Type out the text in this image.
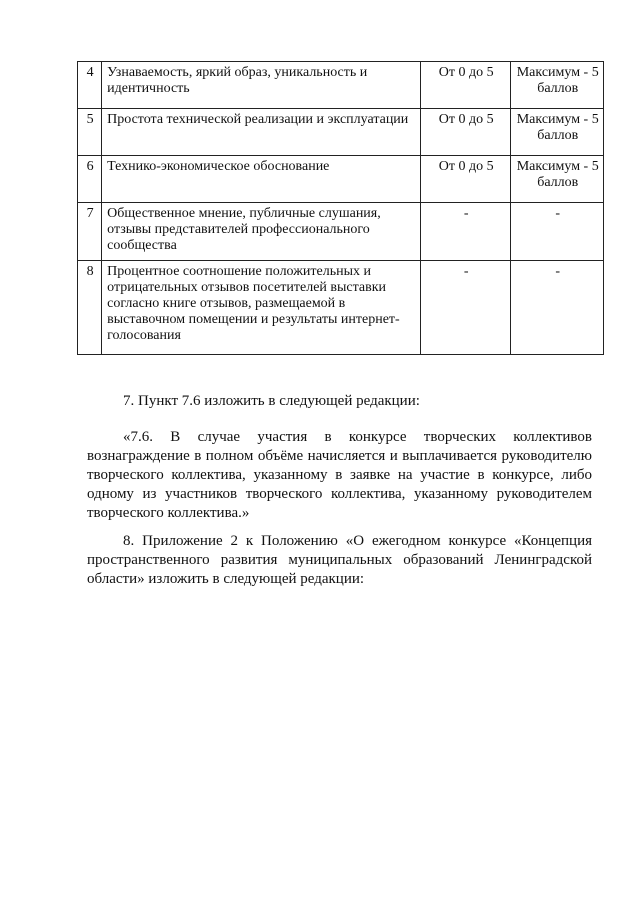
4	Узнаваемость, яркий образ, уникальность и идентичность	От 0 до 5	Максимум - 5 баллов
5	Простота технической реализации и эксплуатации	От 0 до 5	Максимум - 5 баллов
6	Технико-экономическое обоснование	От 0 до 5	Максимум - 5 баллов
7	Общественное мнение, публичные слушания, отзывы представителей профессионального сообщества	-	-
8	Процентное соотношение положительных и отрицательных отзывов посетителей выставки согласно книге отзывов, размещаемой в выставочном помещении и результаты интернет-голосования	-	-

7. Пункт 7.6 изложить в следующей редакции:

«7.6. В случае участия в конкурсе творческих коллективов вознаграждение в полном объёме начисляется и выплачивается руководителю творческого коллектива, указанному в заявке на участие в конкурсе, либо одному из участников творческого коллектива, указанному руководителем творческого коллектива.»

8. Приложение 2 к Положению «О ежегодном конкурсе «Концепция пространственного развития муниципальных образований Ленинградской области» изложить в следующей редакции:
